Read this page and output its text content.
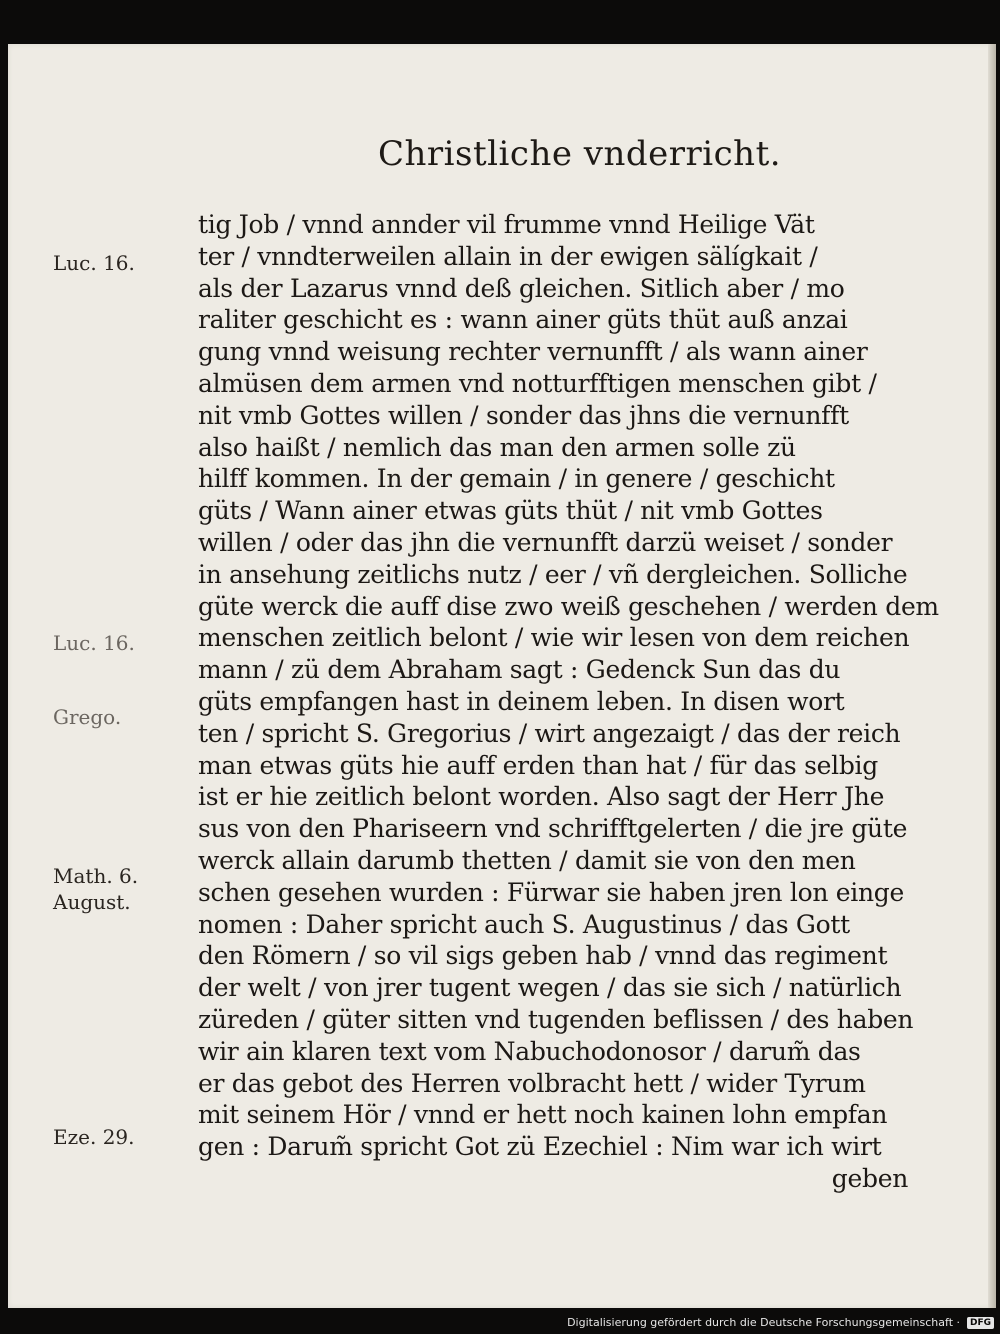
Christliche vnderricht.
tig Job / vnnd annder vil frumme vnnd Heilige Vät
ter / vnndterweilen allain in der ewigen sälígkait /
als der Lazarus vnnd deß gleichen. Sitlich aber / mo
raliter geschicht es : wann ainer güts thüt auß anzai
gung vnnd weisung rechter vernunfft / als wann ainer
almüsen dem armen vnd notturfftigen menschen gibt /
nit vmb Gottes willen / sonder das jhns die vernunfft
also haißt / nemlich das man den armen solle zü
hilff kommen. In der gemain / in genere / geschicht
güts / Wann ainer etwas güts thüt / nit vmb Gottes
willen / oder das jhn die vernunfft darzü weiset / sonder
in ansehung zeitlichs nutz / eer / vñ dergleichen. Solliche
güte werck die auff dise zwo weiß geschehen / werden dem
menschen zeitlich belont / wie wir lesen von dem reichen
mann / zü dem Abraham sagt : Gedenck Sun das du
güts empfangen hast in deinem leben. In disen wort
ten / spricht S. Gregorius / wirt angezaigt / das der reich
man etwas güts hie auff erden than hat / für das selbig
ist er hie zeitlich belont worden. Also sagt der Herr Jhe
sus von den Phariseern vnd schrifftgelerten / die jre güte
werck allain darumb thetten / damit sie von den men
schen gesehen wurden : Fürwar sie haben jren lon einge
nomen : Daher spricht auch S. Augustinus / das Gott
den Römern / so vil sigs geben hab / vnnd das regiment
der welt / von jrer tugent wegen / das sie sich / natürlich
züreden / güter sitten vnd tugenden beflissen / des haben
wir ain klaren text vom Nabuchodonosor / darum̃ das
er das gebot des Herren volbracht hett / wider Tyrum
mit seinem Hör / vnnd er hett noch kainen lohn empfan
gen : Darum̃ spricht Got zü Ezechiel : Nim war ich wirt
geben
Luc. 16.
Luc. 16.
Grego.
Math. 6.
August.
Eze. 29.
Digitalisierung gefördert durch die Deutsche Forschungsgemeinschaft ·	DFG
